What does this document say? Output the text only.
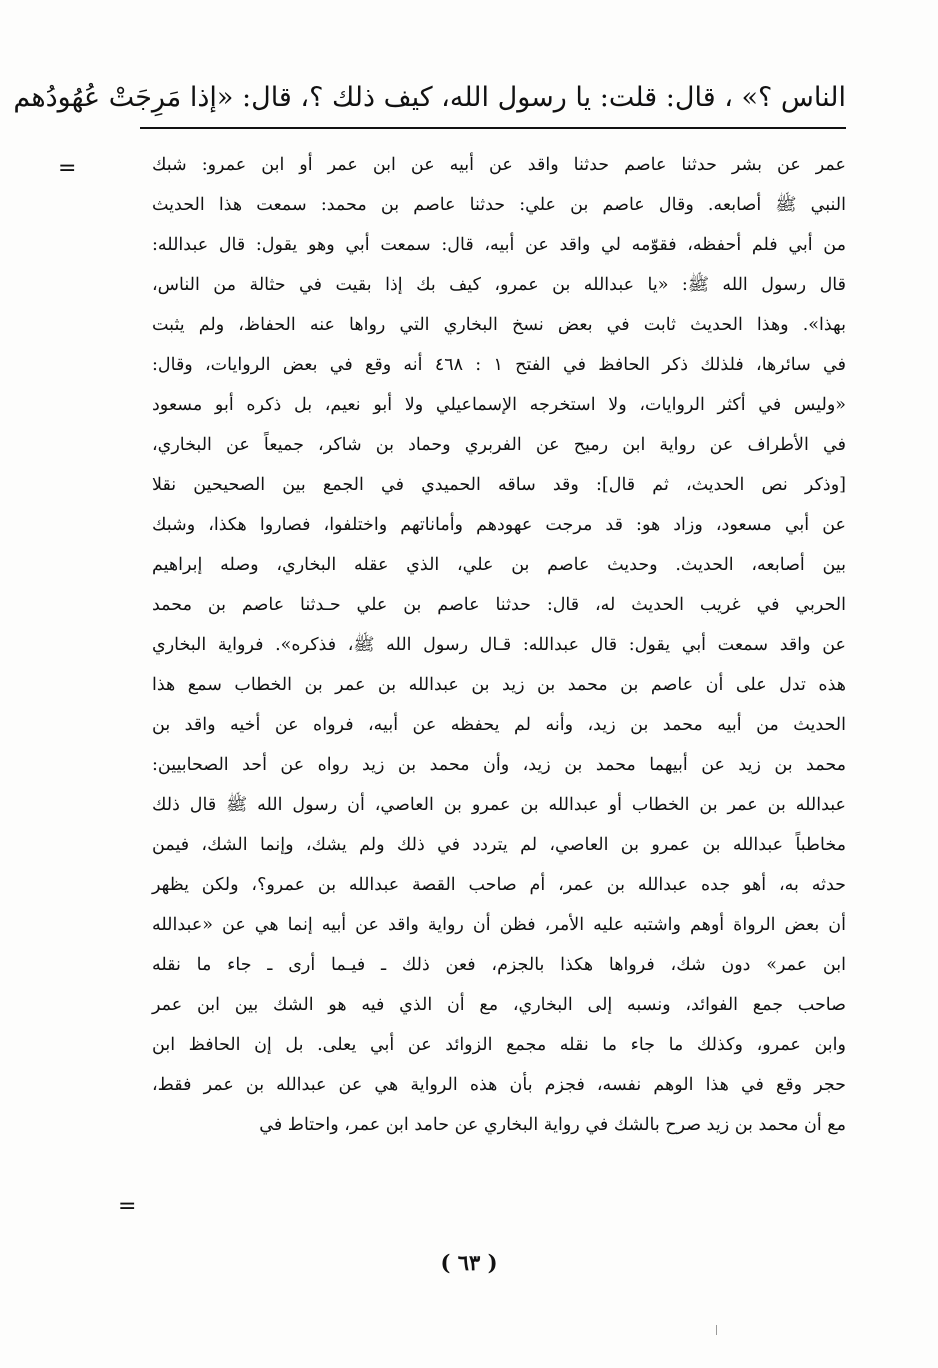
الناس ؟» ، قال: قلت: يا رسول الله، كيف ذلك ؟، قال: «إذا مَرِجَتْ عُهُودُهم
=	عمر عن بشر حدثنا عاصم حدثنا واقد عن أبيه عن ابن عمر أو ابن عمرو: شبك
النبي ﷺ أصابعه. وقال عاصم بن علي: حدثنا عاصم بن محمد: سمعت هذا الحديث
من أبي فلم أحفظه، فقوّمه لي واقد عن أبيه، قال: سمعت أبي وهو يقول: قال عبدالله:
قال رسول الله ﷺ: «يا عبدالله بن عمرو، كيف بك إذا بقيت في حثالة من الناس،
بهذا». وهذا الحديث ثابت في بعض نسخ البخاري التي رواها عنه الحفاظ، ولم يثبت
في سائرها، فلذلك ذكر الحافظ في الفتح ١ : ٤٦٨ أنه وقع في بعض الروايات، وقال:
«وليس في أكثر الروايات، ولا استخرجه الإسماعيلي ولا أبو نعيم، بل ذكره أبو مسعود
في الأطراف عن رواية ابن رميح عن الفربري وحماد بن شاكر، جميعاً عن البخاري،
[وذكر نص الحديث، ثم قال]: وقد ساقه الحميدي في الجمع بين الصحيحين نقلا
عن أبي مسعود، وزاد هو: قد مرجت عهودهم وأماناتهم واختلفوا، فصاروا هكذا، وشبك
بين أصابعه، الحديث. وحديث عاصم بن علي، الذي عقله البخاري، وصله إبراهيم
الحربي في غريب الحديث له، قال: حدثنا عاصم بن علي حـدثنا عاصم بن محمد
عن واقد سمعت أبي يقول: قال عبدالله: قـال رسول الله ﷺ، فذكره». فرواية البخاري
هذه تدل على أن عاصم بن محمد بن زيد بن عبدالله بن عمر بن الخطاب سمع هذا
الحديث من أبيه محمد بن زيد، وأنه لم يحفظه عن أبيه، فرواه عن أخيه واقد بن
محمد بن زيد عن أبيهما محمد بن زيد، وأن محمد بن زيد رواه عن أحد الصحابيين:
عبدالله بن عمر بن الخطاب أو عبدالله بن عمرو بن العاصي، أن رسول الله ﷺ قال ذلك
مخاطباً عبدالله بن عمرو بن العاصي، لم يتردد في ذلك ولم يشك، وإنما الشك، فيمن
حدثه به، أهو جده عبدالله بن عمر، أم صاحب القصة عبدالله بن عمرو؟، ولكن يظهر
أن بعض الرواة أوهم واشتبه عليه الأمر، فظن أن رواية واقد عن أبيه إنما هي عن «عبدالله
ابن عمر» دون شك، فرواها هكذا بالجزم، فعن ذلك ـ فيـما أرى ـ جاء ما نقله
صاحب جمع الفوائد، ونسبه إلى البخاري، مع أن الذي فيه هو الشك بين ابن عمر
وابن عمرو، وكذلك ما جاء ما نقله مجمع الزوائد عن أبي يعلى. بل إن الحافظ ابن
حجر وقع في هذا الوهم نفسه، فجزم بأن هذه الرواية هي عن عبدالله بن عمر فقط،
مع أن محمد بن زيد صرح بالشك في رواية البخاري عن حامد ابن عمر، واحتاط في
=
( ٦٣ )
